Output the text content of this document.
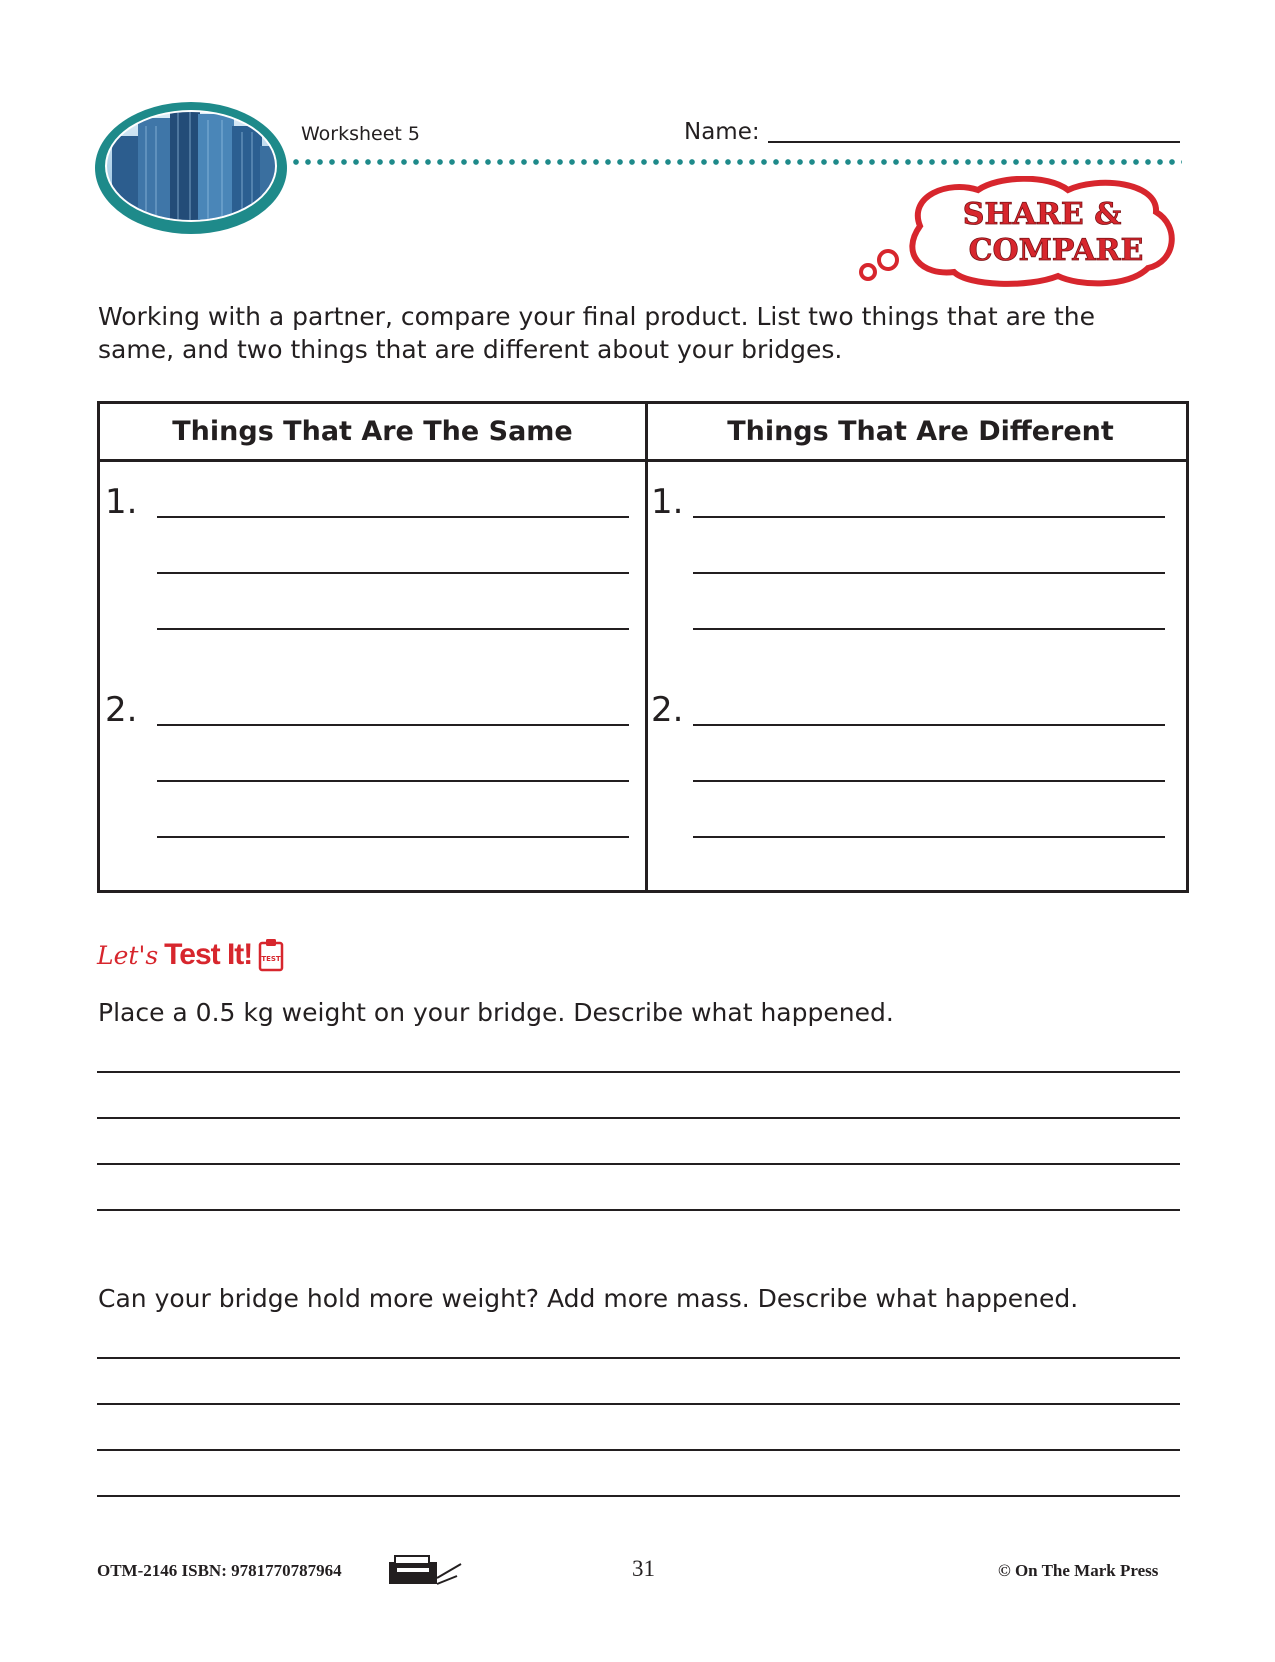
Worksheet 5	Name:
SHARE &
COMPARE
Working with a partner, compare your final product. List two things that are the same, and two things that are different about your bridges.
Things That Are The Same	Things That Are Different
1.
2.
1.
2.
Let's Test It! TEST
Place a 0.5 kg weight on your bridge. Describe what happened.
Can your bridge hold more weight? Add more mass. Describe what happened.
OTM-2146 ISBN: 9781770787964	31	© On The Mark Press
